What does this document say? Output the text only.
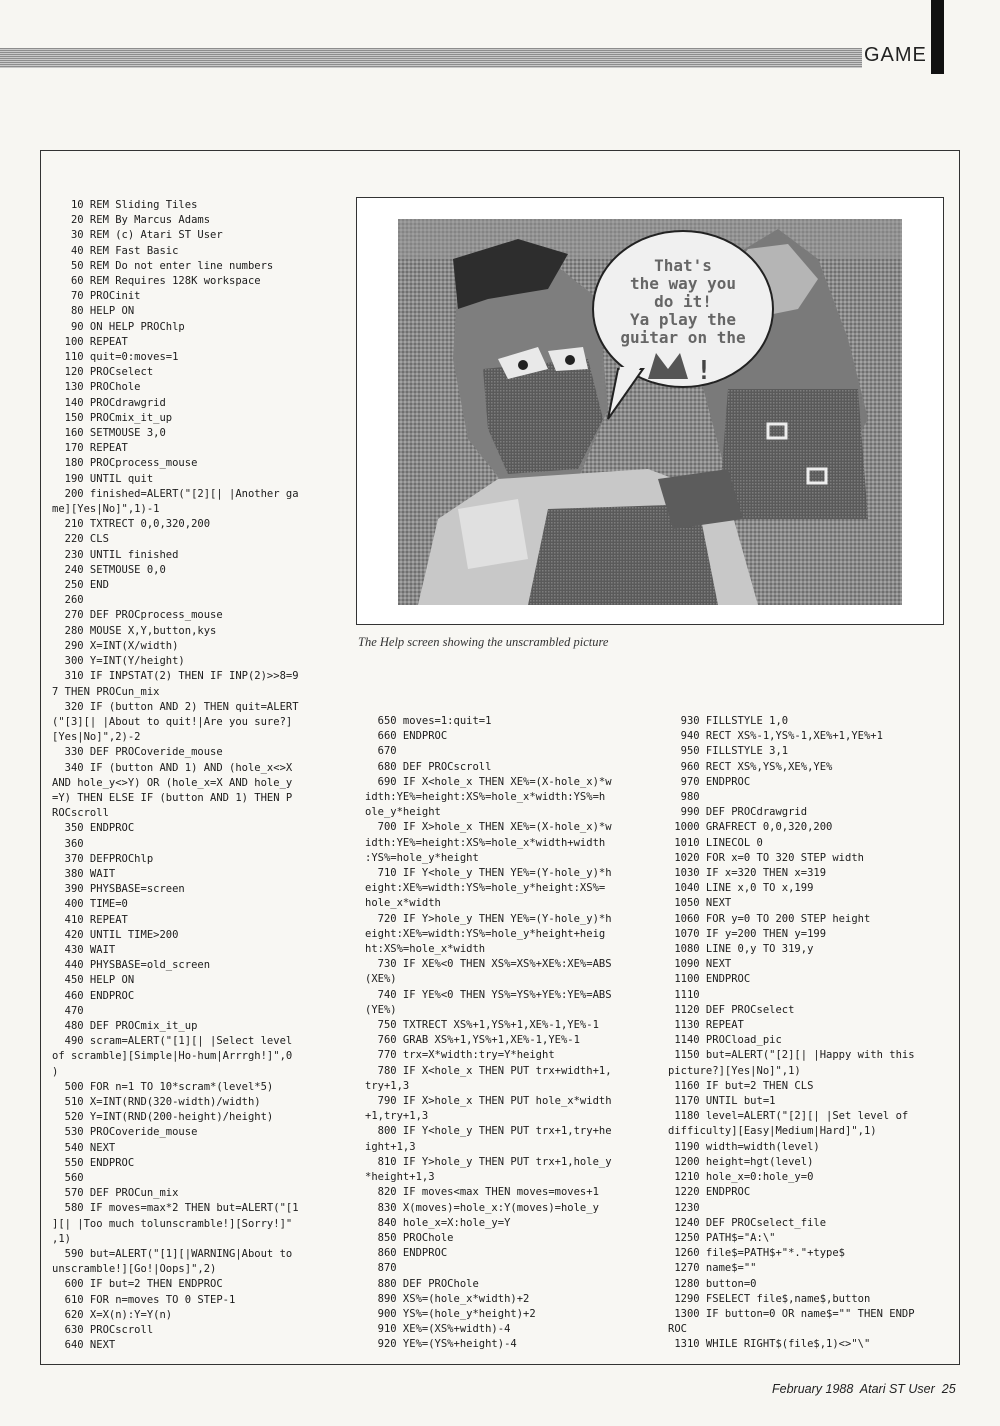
GAME
10 REM Sliding Tiles
20 REM By Marcus Adams
30 REM (c) Atari ST User
40 REM Fast Basic
50 REM Do not enter line numbers
60 REM Requires 128K workspace
70 PROCinit
80 HELP ON
90 ON HELP PROChlp
100 REPEAT
110 quit=0:moves=1
120 PROCselect
130 PROChole
140 PROCdrawgrid
150 PROCmix_it_up
160 SETMOUSE 3,0
170 REPEAT
180 PROCprocess_mouse
190 UNTIL quit
200 finished=ALERT("[2][| |Another ga
me][Yes|No]",1)-1
210 TXTRECT 0,0,320,200
220 CLS
230 UNTIL finished
240 SETMOUSE 0,0
250 END
260
270 DEF PROCprocess_mouse
280 MOUSE X,Y,button,kys
290 X=INT(X/width)
300 Y=INT(Y/height)
310 IF INPSTAT(2) THEN IF INP(2)>>8=9
7 THEN PROCun_mix
320 IF (button AND 2) THEN quit=ALERT
("[3][| |About to quit!|Are you sure?]
[Yes|No]",2)-2
330 DEF PROCoveride_mouse
340 IF (button AND 1) AND (hole_x<>X
AND hole_y<>Y) OR (hole_x=X AND hole_y
=Y) THEN ELSE IF (button AND 1) THEN P
ROCscroll
350 ENDPROC
360
370 DEFPROChlp
380 WAIT
390 PHYSBASE=screen
400 TIME=0
410 REPEAT
420 UNTIL TIME>200
430 WAIT
440 PHYSBASE=old_screen
450 HELP ON
460 ENDPROC
470
480 DEF PROCmix_it_up
490 scram=ALERT("[1][| |Select level
of scramble][Simple|Ho-hum|Arrrgh!]",0
)
500 FOR n=1 TO 10*scram*(level*5)
510 X=INT(RND(320-width)/width)
520 Y=INT(RND(200-height)/height)
530 PROCoveride_mouse
540 NEXT
550 ENDPROC
560
570 DEF PROCun_mix
580 IF moves=max*2 THEN but=ALERT("[1
][| |Too much tolunscramble!][Sorry!]"
,1)
590 but=ALERT("[1][|WARNING|About to
unscramble!][Go!|Oops]",2)
600 IF but=2 THEN ENDPROC
610 FOR n=moves TO 0 STEP-1
620 X=X(n):Y=Y(n)
630 PROCscroll
640 NEXT
650 moves=1:quit=1
660 ENDPROC
670
680 DEF PROCscroll
690 IF X<hole_x THEN XE%=(X-hole_x)*w
idth:YE%=height:XS%=hole_x*width:YS%=h
ole_y*height
700 IF X>hole_x THEN XE%=(X-hole_x)*w
idth:YE%=height:XS%=hole_x*width+width
:YS%=hole_y*height
710 IF Y<hole_y THEN YE%=(Y-hole_y)*h
eight:XE%=width:YS%=hole_y*height:XS%=
hole_x*width
720 IF Y>hole_y THEN YE%=(Y-hole_y)*h
eight:XE%=width:YS%=hole_y*height+heig
ht:XS%=hole_x*width
730 IF XE%<0 THEN XS%=XS%+XE%:XE%=ABS
(XE%)
740 IF YE%<0 THEN YS%=YS%+YE%:YE%=ABS
(YE%)
750 TXTRECT XS%+1,YS%+1,XE%-1,YE%-1
760 GRAB XS%+1,YS%+1,XE%-1,YE%-1
770 trx=X*width:try=Y*height
780 IF X<hole_x THEN PUT trx+width+1,
try+1,3
790 IF X>hole_x THEN PUT hole_x*width
+1,try+1,3
800 IF Y<hole_y THEN PUT trx+1,try+he
ight+1,3
810 IF Y>hole_y THEN PUT trx+1,hole_y
*height+1,3
820 IF moves<max THEN moves=moves+1
830 X(moves)=hole_x:Y(moves)=hole_y
840 hole_x=X:hole_y=Y
850 PROChole
860 ENDPROC
870
880 DEF PROChole
890 XS%=(hole_x*width)+2
900 YS%=(hole_y*height)+2
910 XE%=(XS%+width)-4
920 YE%=(YS%+height)-4
930 FILLSTYLE 1,0
940 RECT XS%-1,YS%-1,XE%+1,YE%+1
950 FILLSTYLE 3,1
960 RECT XS%,YS%,XE%,YE%
970 ENDPROC
980
990 DEF PROCdrawgrid
1000 GRAFRECT 0,0,320,200
1010 LINECOL 0
1020 FOR x=0 TO 320 STEP width
1030 IF x=320 THEN x=319
1040 LINE x,0 TO x,199
1050 NEXT
1060 FOR y=0 TO 200 STEP height
1070 IF y=200 THEN y=199
1080 LINE 0,y TO 319,y
1090 NEXT
1100 ENDPROC
1110
1120 DEF PROCselect
1130 REPEAT
1140 PROCload_pic
1150 but=ALERT("[2][| |Happy with this
picture?][Yes|No]",1)
1160 IF but=2 THEN CLS
1170 UNTIL but=1
1180 level=ALERT("[2][| |Set level of
difficulty][Easy|Medium|Hard]",1)
1190 width=width(level)
1200 height=hgt(level)
1210 hole_x=0:hole_y=0
1220 ENDPROC
1230
1240 DEF PROCselect_file
1250 PATH$="A:\"
1260 file$=PATH$+"*."+type$
1270 name$=""
1280 button=0
1290 FSELECT file$,name$,button
1300 IF button=0 OR name$="" THEN ENDP
ROC
1310 WHILE RIGHT$(file$,1)<>"\"
That's
the way you
do it!
Ya play the
guitar on the
!
The Help screen showing the unscrambled picture
February 1988  Atari ST User  25
